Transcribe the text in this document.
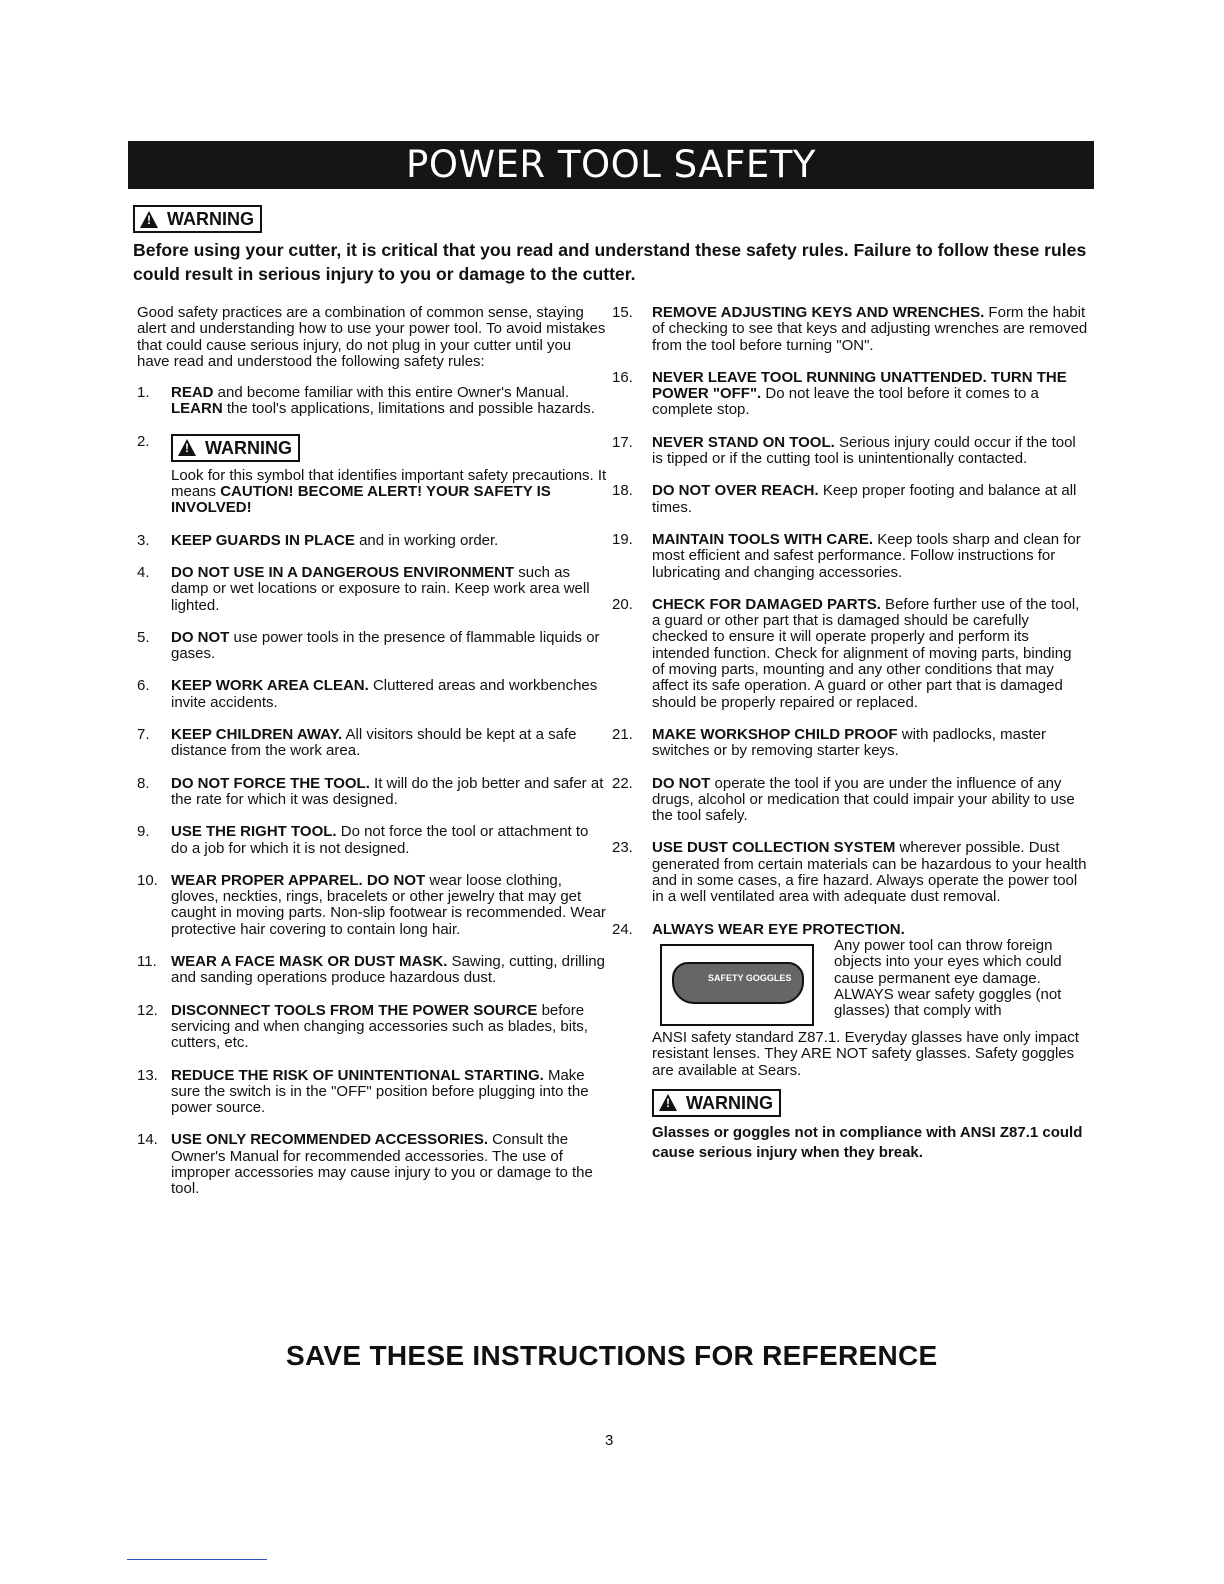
POWER TOOL SAFETY
!
WARNING
Before using your cutter, it is critical that you read and understand these safety rules. Failure to follow these rules could result in serious injury to you or damage to the cutter.

Good safety practices are a combination of common sense, staying alert and understanding how to use your power tool. To avoid mistakes that could cause serious injury, do not plug in your cutter until you have read and understood the following safety rules:

1. READ and become familiar with this entire Owner's Manual. LEARN the tool's applications, limitations and possible hazards.
2.
!	WARNING
Look for this symbol that identifies important safety precautions. It means CAUTION! BECOME ALERT! YOUR SAFETY IS INVOLVED!
3. KEEP GUARDS IN PLACE and in working order.
4. DO NOT USE IN A DANGEROUS ENVIRONMENT such as damp or wet locations or exposure to rain. Keep work area well lighted.
5. DO NOT use power tools in the presence of flammable liquids or gases.
6. KEEP WORK AREA CLEAN. Cluttered areas and workbenches invite accidents.
7. KEEP CHILDREN AWAY. All visitors should be kept at a safe distance from the work area.
8. DO NOT FORCE THE TOOL. It will do the job better and safer at the rate for which it was designed.
9. USE THE RIGHT TOOL. Do not force the tool or attachment to do a job for which it is not designed.
10. WEAR PROPER APPAREL. DO NOT wear loose clothing, gloves, neckties, rings, bracelets or other jewelry that may get caught in moving parts. Non-slip footwear is recommended. Wear protective hair covering to contain long hair.
11. WEAR A FACE MASK OR DUST MASK. Sawing, cutting, drilling and sanding operations produce hazardous dust.
12. DISCONNECT TOOLS FROM THE POWER SOURCE before servicing and when changing accessories such as blades, bits, cutters, etc.
13. REDUCE THE RISK OF UNINTENTIONAL STARTING. Make sure the switch is in the "OFF" position before plugging into the power source.
14. USE ONLY RECOMMENDED ACCESSORIES. Consult the Owner's Manual for recommended accessories. The use of improper accessories may cause injury to you or damage to the tool.
15. REMOVE ADJUSTING KEYS AND WRENCHES. Form the habit of checking to see that keys and adjusting wrenches are removed from the tool before turning "ON".
16. NEVER LEAVE TOOL RUNNING UNATTENDED. TURN THE POWER "OFF". Do not leave the tool before it comes to a complete stop.
17. NEVER STAND ON TOOL. Serious injury could occur if the tool is tipped or if the cutting tool is unintentionally contacted.
18. DO NOT OVER REACH. Keep proper footing and balance at all times.
19. MAINTAIN TOOLS WITH CARE. Keep tools sharp and clean for most efficient and safest performance. Follow instructions for lubricating and changing accessories.
20. CHECK FOR DAMAGED PARTS. Before further use of the tool, a guard or other part that is damaged should be carefully checked to ensure it will operate properly and perform its intended function. Check for alignment of moving parts, binding of moving parts, mounting and any other conditions that may affect its safe operation. A guard or other part that is damaged should be properly repaired or replaced.
21. MAKE WORKSHOP CHILD PROOF with padlocks, master switches or by removing starter keys.
22. DO NOT operate the tool if you are under the influence of any drugs, alcohol or medication that could impair your ability to use the tool safely.
23. USE DUST COLLECTION SYSTEM wherever possible. Dust generated from certain materials can be hazardous to your health and in some cases, a fire hazard. Always operate the power tool in a well ventilated area with adequate dust removal.
24. ALWAYS WEAR EYE PROTECTION.
SAFETY GOGGLES
Any power tool can throw foreign objects into your eyes which could cause permanent eye damage. ALWAYS wear safety goggles (not glasses) that comply with
ANSI safety standard Z87.1. Everyday glasses have only impact resistant lenses. They ARE NOT safety glasses. Safety goggles are available at Sears.
!
WARNING
Glasses or goggles not in compliance with ANSI Z87.1 could cause serious injury when they break.
SAVE THESE INSTRUCTIONS FOR REFERENCE
3
